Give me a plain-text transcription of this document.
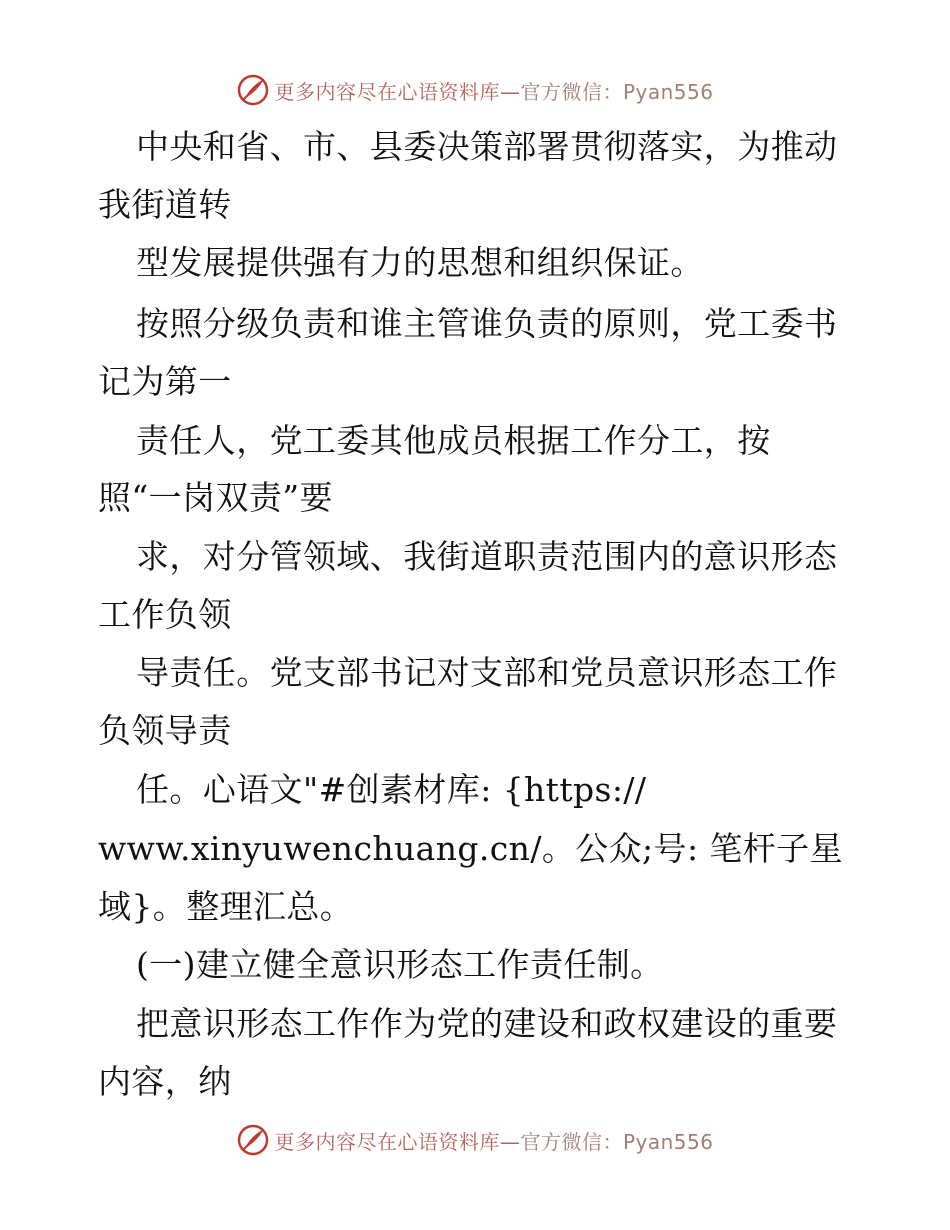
更多内容尽在心语资料库—官方微信：Pyan556
中央和省、市、县委决策部署贯彻落实，为推动
我街道转
型发展提供强有力的思想和组织保证。
按照分级负责和谁主管谁负责的原则，党工委书
记为第一
责任人，党工委其他成员根据工作分工，按
照“一岗双责”要
求，对分管领域、我街道职责范围内的意识形态
工作负领
导责任。党支部书记对支部和党员意识形态工作
负领导责
任。心语文"#创素材库: {https://
www.xinyuwenchuang.cn/。公众;号: 笔杆子星
域}。整理汇总。
(一)建立健全意识形态工作责任制。
把意识形态工作作为党的建设和政权建设的重要
内容，纳
更多内容尽在心语资料库—官方微信：Pyan556
